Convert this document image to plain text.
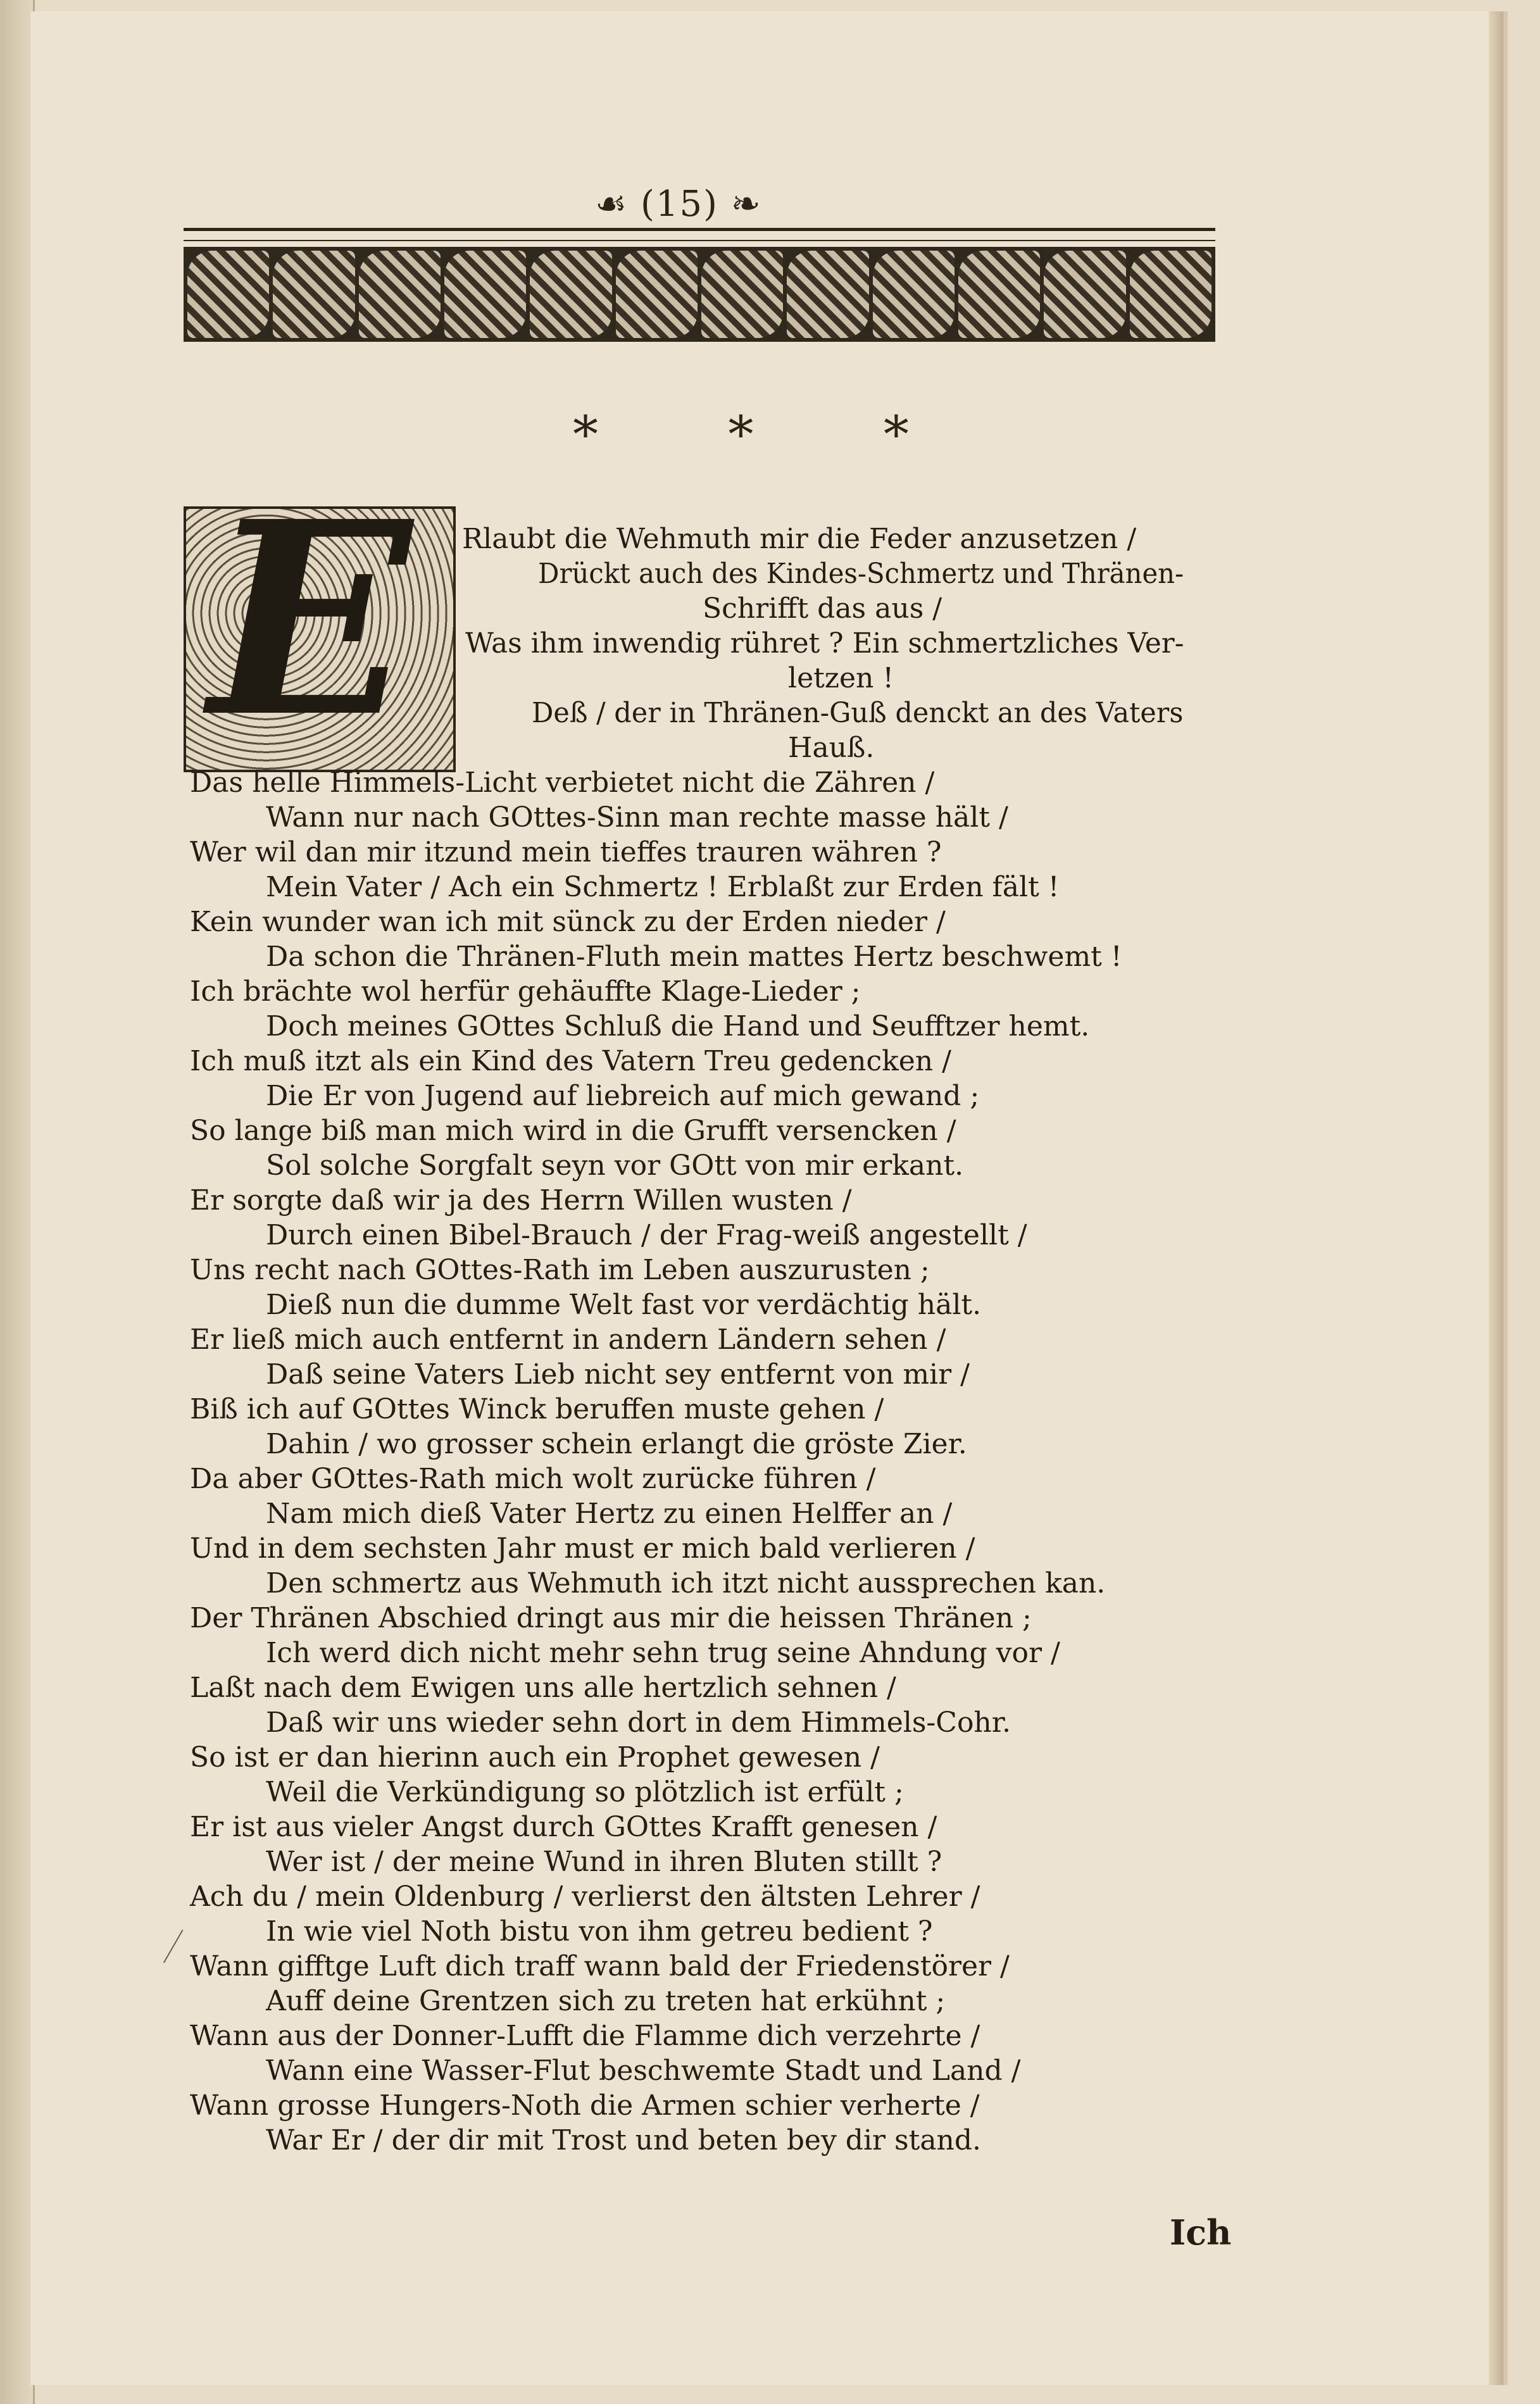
☙ (15) ❧
* * *
E Rlaubt die Wehmuth mir die Feder anzusetzen /
Drückt auch des Kindes-Schmertz und Thränen-
Schrifft das aus /
Was ihm inwendig rühret ? Ein schmertzliches Ver-
letzen !
Deß / der in Thränen-Guß denckt an des Vaters
Hauß.
Das helle Himmels-Licht verbietet nicht die Zähren /
Wann nur nach GOttes-Sinn man rechte masse hält /
Wer wil dan mir itzund mein tieffes trauren währen ?
Mein Vater / Ach ein Schmertz ! Erblaßt zur Erden fält !
Kein wunder wan ich mit sünck zu der Erden nieder /
Da schon die Thränen-Fluth mein mattes Hertz beschwemt !
Ich brächte wol herfür gehäuffte Klage-Lieder ;
Doch meines GOttes Schluß die Hand und Seufftzer hemt.
Ich muß itzt als ein Kind des Vatern Treu gedencken /
Die Er von Jugend auf liebreich auf mich gewand ;
So lange biß man mich wird in die Grufft versencken /
Sol solche Sorgfalt seyn vor GOtt von mir erkant.
Er sorgte daß wir ja des Herrn Willen wusten /
Durch einen Bibel-Brauch / der Frag-weiß angestellt /
Uns recht nach GOttes-Rath im Leben auszurusten ;
Dieß nun die dumme Welt fast vor verdächtig hält.
Er ließ mich auch entfernt in andern Ländern sehen /
Daß seine Vaters Lieb nicht sey entfernt von mir /
Biß ich auf GOttes Winck beruffen muste gehen /
Dahin / wo grosser schein erlangt die gröste Zier.
Da aber GOttes-Rath mich wolt zurücke führen /
Nam mich dieß Vater Hertz zu einen Helffer an /
Und in dem sechsten Jahr must er mich bald verlieren /
Den schmertz aus Wehmuth ich itzt nicht aussprechen kan.
Der Thränen Abschied dringt aus mir die heissen Thränen ;
Ich werd dich nicht mehr sehn trug seine Ahndung vor /
Laßt nach dem Ewigen uns alle hertzlich sehnen /
Daß wir uns wieder sehn dort in dem Himmels-Cohr.
So ist er dan hierinn auch ein Prophet gewesen /
Weil die Verkündigung so plötzlich ist erfült ;
Er ist aus vieler Angst durch GOttes Krafft genesen /
Wer ist / der meine Wund in ihren Bluten stillt ?
Ach du / mein Oldenburg / verlierst den ältsten Lehrer /
In wie viel Noth bistu von ihm getreu bedient ?
Wann gifftge Luft dich traff wann bald der Friedenstörer /
Auff deine Grentzen sich zu treten hat erkühnt ;
Wann aus der Donner-Lufft die Flamme dich verzehrte /
Wann eine Wasser-Flut beschwemte Stadt und Land /
Wann grosse Hungers-Noth die Armen schier verherte /
War Er / der dir mit Trost und beten bey dir stand.
Ich
